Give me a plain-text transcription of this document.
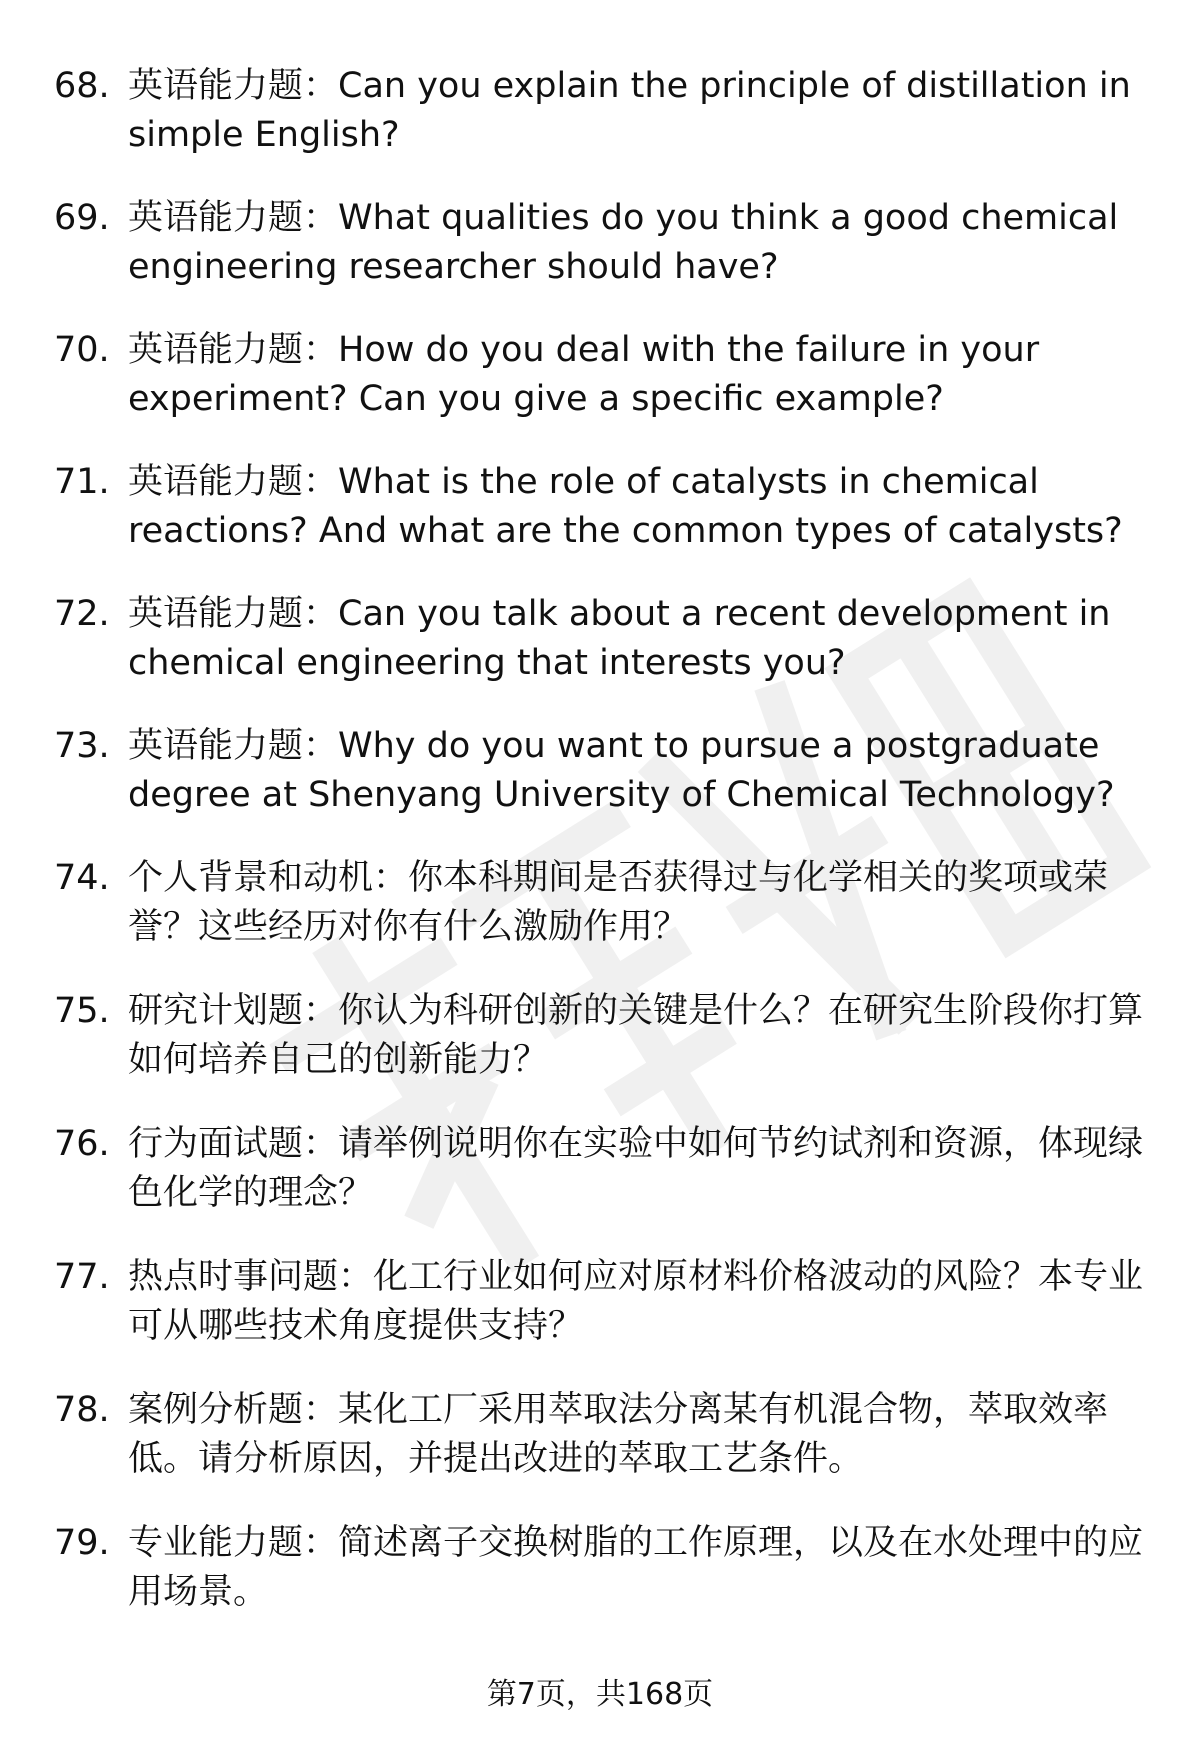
68. 英语能力题：Can you explain the principle of distillation in simple English?
69. 英语能力题：What qualities do you think a good chemical engineering researcher should have?
70. 英语能力题：How do you deal with the failure in your experiment? Can you give a specific example?
71. 英语能力题：What is the role of catalysts in chemical reactions? And what are the common types of catalysts?
72. 英语能力题：Can you talk about a recent development in chemical engineering that interests you?
73. 英语能力题：Why do you want to pursue a postgraduate degree at Shenyang University of Chemical Technology?
74. 个人背景和动机：你本科期间是否获得过与化学相关的奖项或荣誉？这些经历对你有什么激励作用？
75. 研究计划题：你认为科研创新的关键是什么？在研究生阶段你打算如何培养自己的创新能力？
76. 行为面试题：请举例说明你在实验中如何节约试剂和资源，体现绿色化学的理念？
77. 热点时事问题：化工行业如何应对原材料价格波动的风险？本专业可从哪些技术角度提供支持？
78. 案例分析题：某化工厂采用萃取法分离某有机混合物，萃取效率低。请分析原因，并提出改进的萃取工艺条件。
79. 专业能力题：简述离子交换树脂的工作原理，以及在水处理中的应用场景。
第7页，共168页
